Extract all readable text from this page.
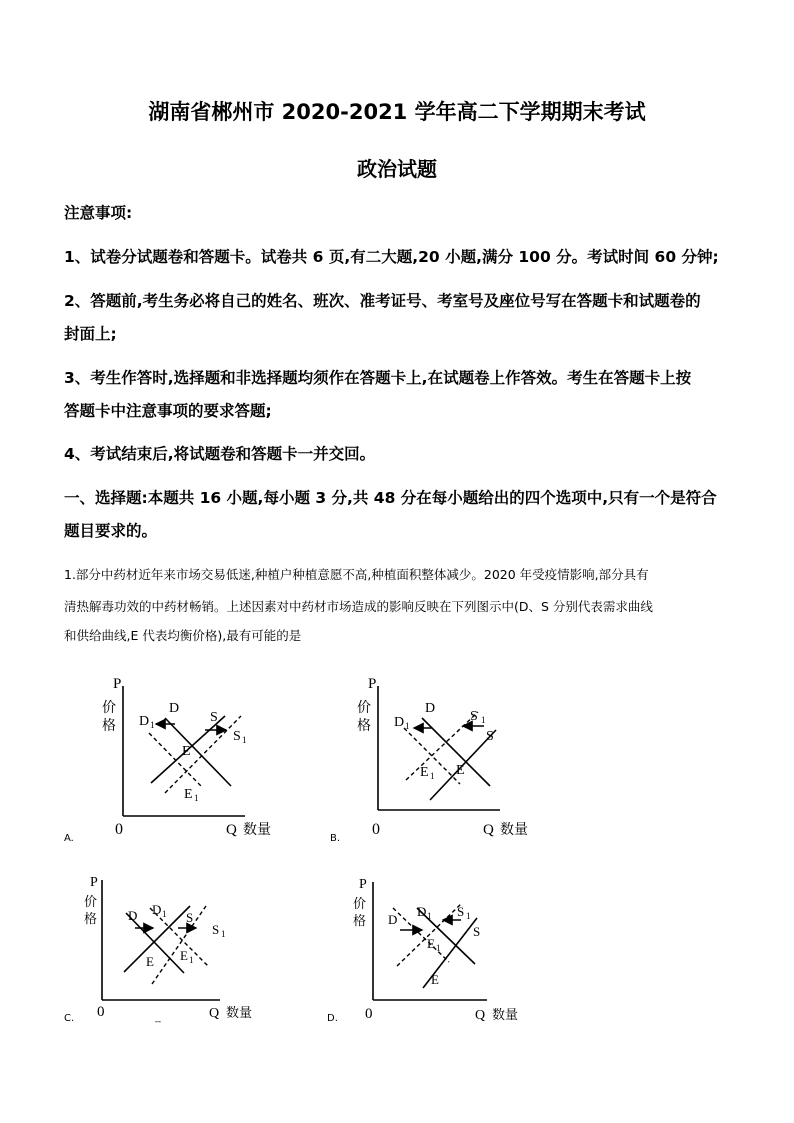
湖南省郴州市 2020-2021 学年高二下学期期末考试
政治试题
注意事项:
1、试卷分试题卷和答题卡。试卷共 6 页,有二大题,20 小题,满分 100 分。考试时间 60 分钟;
2、答题前,考生务必将自己的姓名、班次、准考证号、考室号及座位号写在答题卡和试题卷的
封面上;
3、考生作答时,选择题和非选择题均须作在答题卡上,在试题卷上作答效。考生在答题卡上按
答题卡中注意事项的要求答题;
4、考试结束后,将试题卷和答题卡一并交回。
一、选择题:本题共 16 小题,每小题 3 分,共 48 分在每小题给出的四个选项中,只有一个是符合
题目要求的。
1.部分中药材近年来市场交易低迷,种植户种植意愿不高,种植面积整体减少。2020 年受疫情影响,部分具有
清热解毒功效的中药材畅销。上述因素对中药材市场造成的影响反映在下列图示中(D、S 分别代表需求曲线
和供给曲线,E 代表均衡价格),最有可能的是
P
价
格
0	Q 数量
D
D 1	S
S 1
E
E 1
A.
P
价
格
0	Q 数量
D
D 1
S 1
S
E 1 E
B.
P
价
格
0	Q 数量
--
D D 1 S
S 1
E E 1
C.
P
价
格
0	Q 数量
D
D 1 S 1
S
E 1
E
D.
